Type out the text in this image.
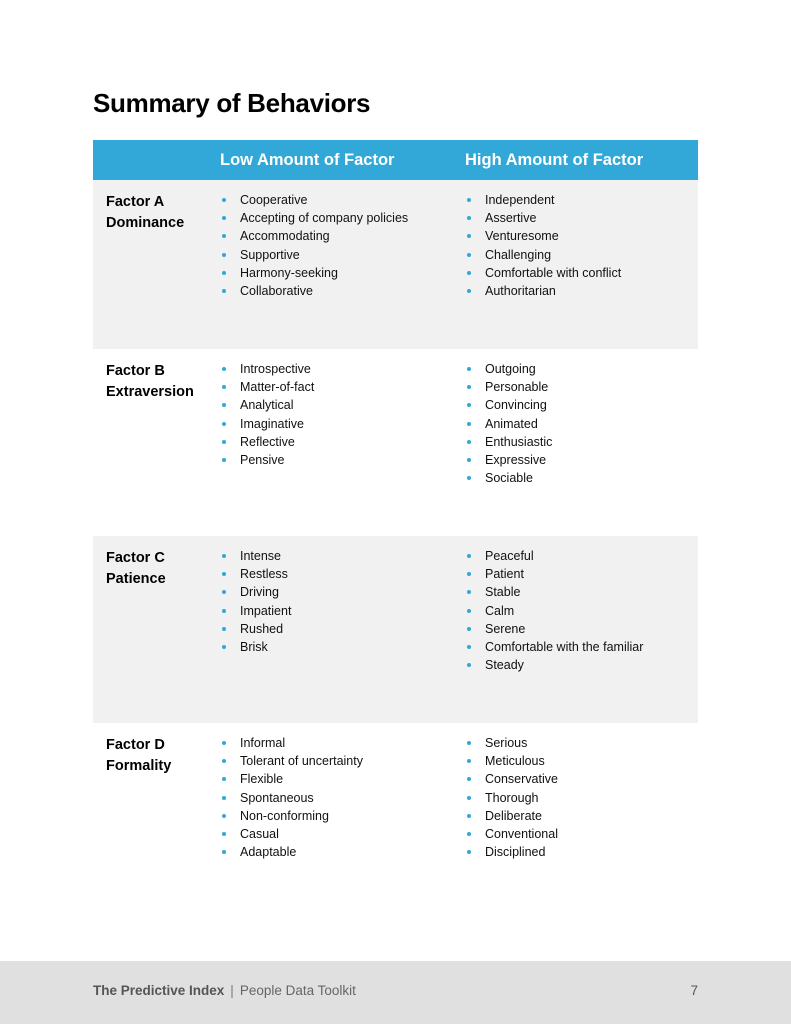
Summary of Behaviors
Low Amount of Factor	High Amount of Factor
Factor A
Dominance
Cooperative
Accepting of company policies
Accommodating
Supportive
Harmony-seeking
Collaborative
Independent
Assertive
Venturesome
Challenging
Comfortable with conflict
Authoritarian
Factor B
Extraversion
Introspective
Matter-of-fact
Analytical
Imaginative
Reflective
Pensive
Outgoing
Personable
Convincing
Animated
Enthusiastic
Expressive
Sociable
Factor C
Patience
Intense
Restless
Driving
Impatient
Rushed
Brisk
Peaceful
Patient
Stable
Calm
Serene
Comfortable with the familiar
Steady
Factor D
Formality
Informal
Tolerant of uncertainty
Flexible
Spontaneous
Non-conforming
Casual
Adaptable
Serious
Meticulous
Conservative
Thorough
Deliberate
Conventional
Disciplined
The Predictive Index | People Data Toolkit	7
